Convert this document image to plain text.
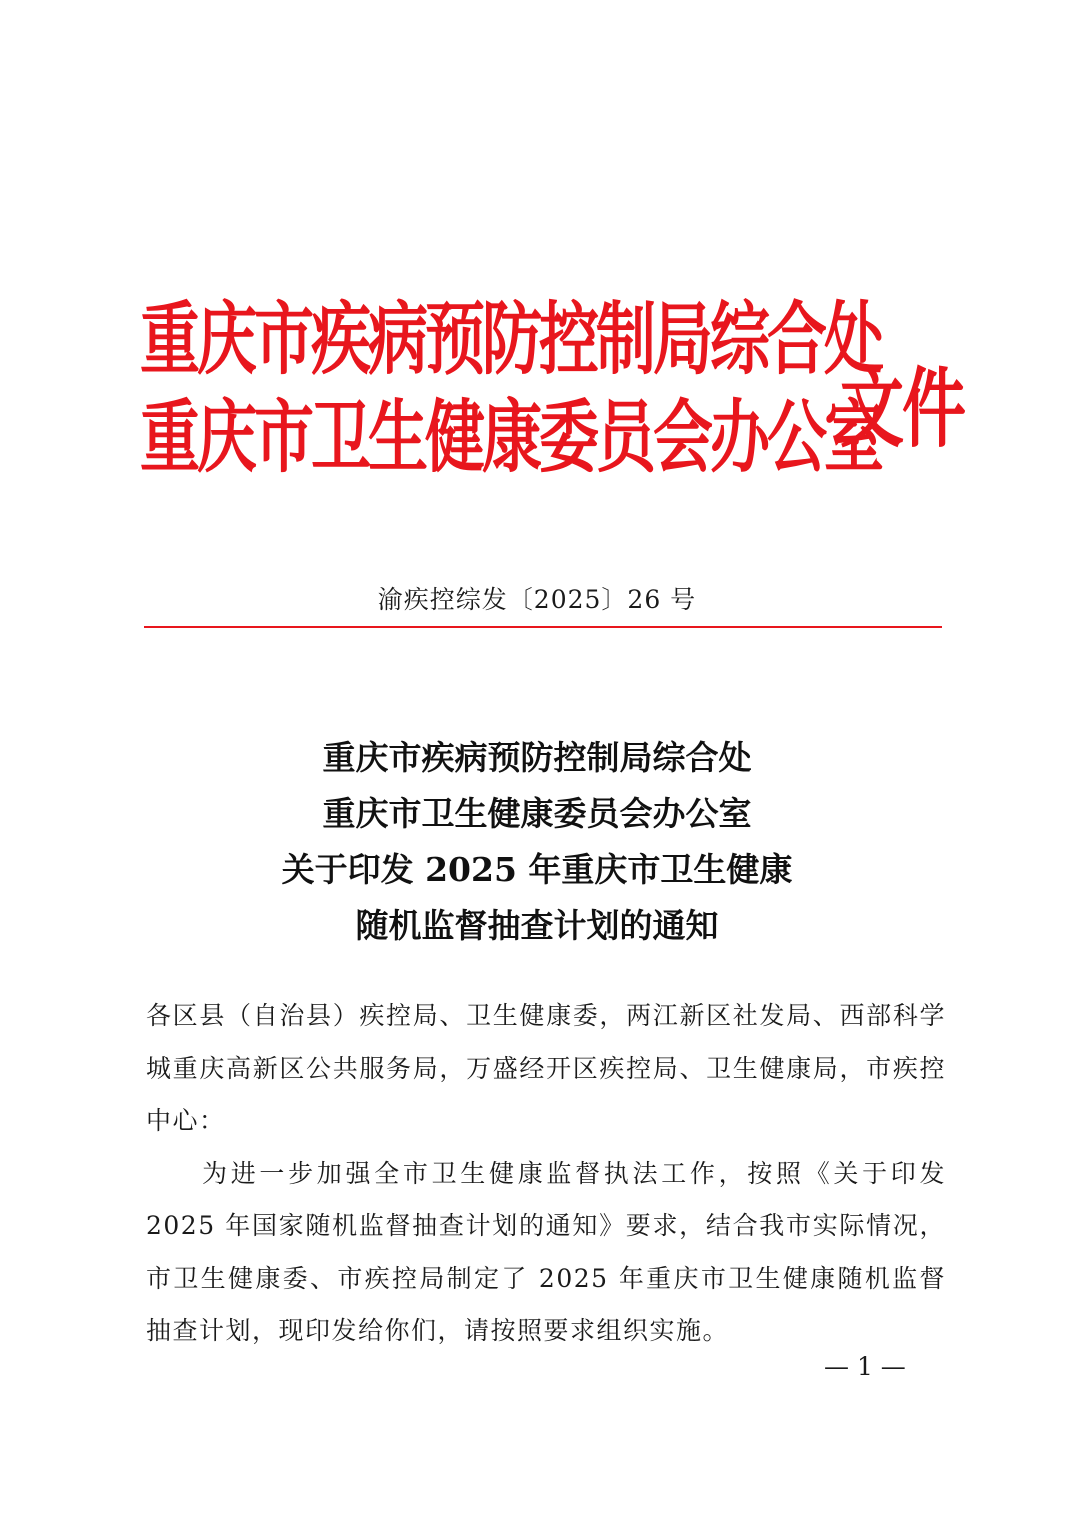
重庆市疾病预防控制局综合处
重庆市卫生健康委员会办公室
文件
渝疾控综发〔2025〕26 号
重庆市疾病预防控制局综合处
重庆市卫生健康委员会办公室
关于印发 2025 年重庆市卫生健康
随机监督抽查计划的通知

各区县（自治县）疾控局、卫生健康委，两江新区社发局、西部科学城重庆高新区公共服务局，万盛经开区疾控局、卫生健康局，市疾控中心：

为进一步加强全市卫生健康监督执法工作，按照《关于印发 2025 年国家随机监督抽查计划的通知》要求，结合我市实际情况，市卫生健康委、市疾控局制定了 2025 年重庆市卫生健康随机监督抽查计划，现印发给你们，请按照要求组织实施。

— 1 —
